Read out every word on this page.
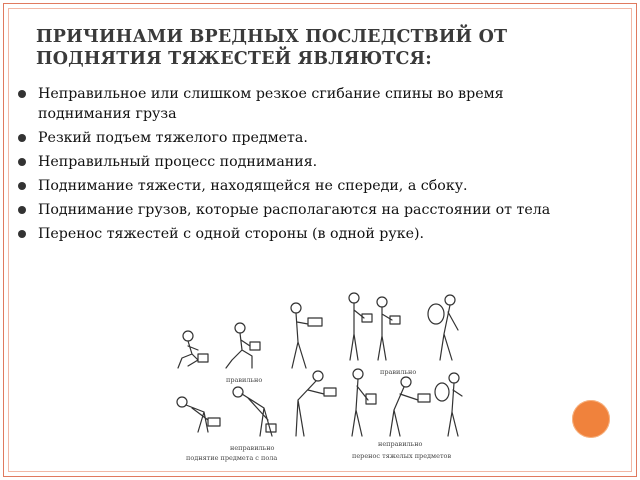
ПРИЧИНАМИ ВРЕДНЫХ ПОСЛЕДСТВИЙ ОТ
ПОДНЯТИЯ ТЯЖЕСТЕЙ ЯВЛЯЮТСЯ:
Неправильное или слишком резкое сгибание спины во время поднимания груза
Резкий подъем тяжелого предмета.
Неправильный процесс поднимания.
Поднимание тяжести, находящейся не спереди, а сбоку.
Поднимание грузов, которые располагаются на расстоянии от тела
Перенос тяжестей с одной стороны (в одной руке).
правильно
правильно
неправильно
поднятие предмета с пола
неправильно
перенос тяжелых предметов
